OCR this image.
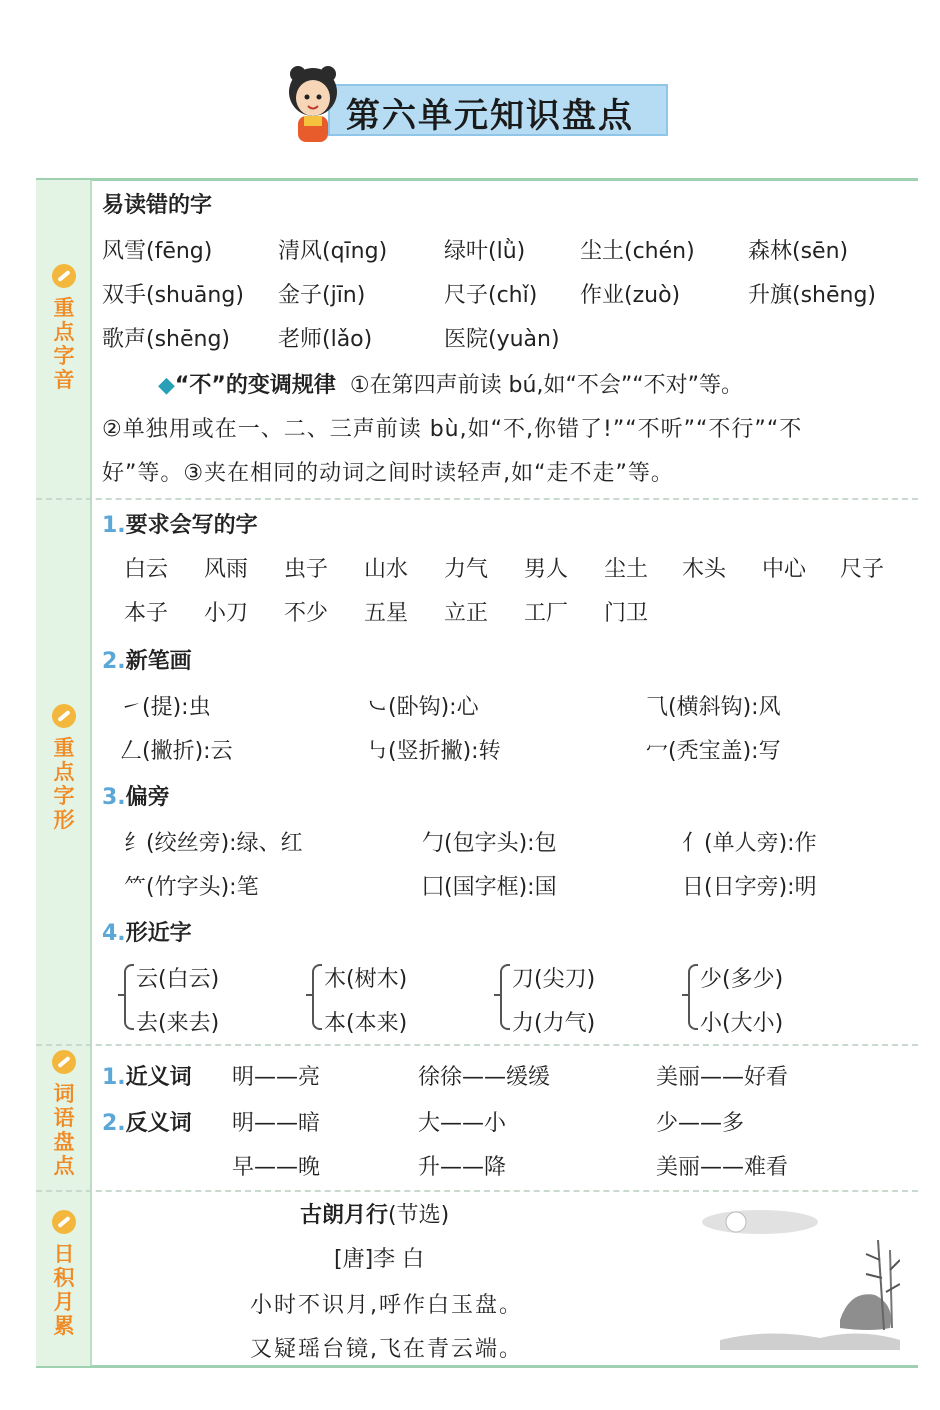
第六单元知识盘点
重
点
字
音
重
点
字
形
词
语
盘
点
日
积
月
累
易读错的字
风雪(fēng)	清风(qīng)	绿叶(lǜ) 尘土(chén) 森林(sēn)
双手(shuāng) 金子(jīn)	尺子(chǐ) 作业(zuò)	升旗(shēng)
歌声(shēng) 老师(lǎo)	医院(yuàn)
◆“不”的变调规律 ①在第四声前读 bú,如“不会”“不对”等。
②单独用或在一、二、三声前读 bù,如“不,你错了!”“不听”“不行”“不
好”等。③夹在相同的动词之间时读轻声,如“走不走”等。
1.要求会写的字
白云 风雨 虫子 山水 力气 男人 尘土 木头 中心 尺子
本子 小刀 不少 五星 立正 工厂 门卫
2.新笔画
㇀(提):虫	㇃(卧钩):心	⺄(横斜钩):风
𠃋(撇折):云	㇉(竖折撇):转	冖(秃宝盖):写
3.偏旁
纟(绞丝旁):绿、红	勹(包字头):包	亻(单人旁):作
⺮(竹字头):笔	囗(国字框):国	日(日字旁):明
4.形近字
云(白云)
去(来去)
木(树木)
本(本来)
刀(尖刀)
力(力气)
少(多少)
小(大小)
1.近义词 明——亮	徐徐——缓缓	美丽——好看
2.反义词 明——暗	大——小	少——多
早——晚	升——降	美丽——难看
古朗月行(节选)
[唐]李 白
小时不识月,呼作白玉盘。
又疑瑶台镜,飞在青云端。
